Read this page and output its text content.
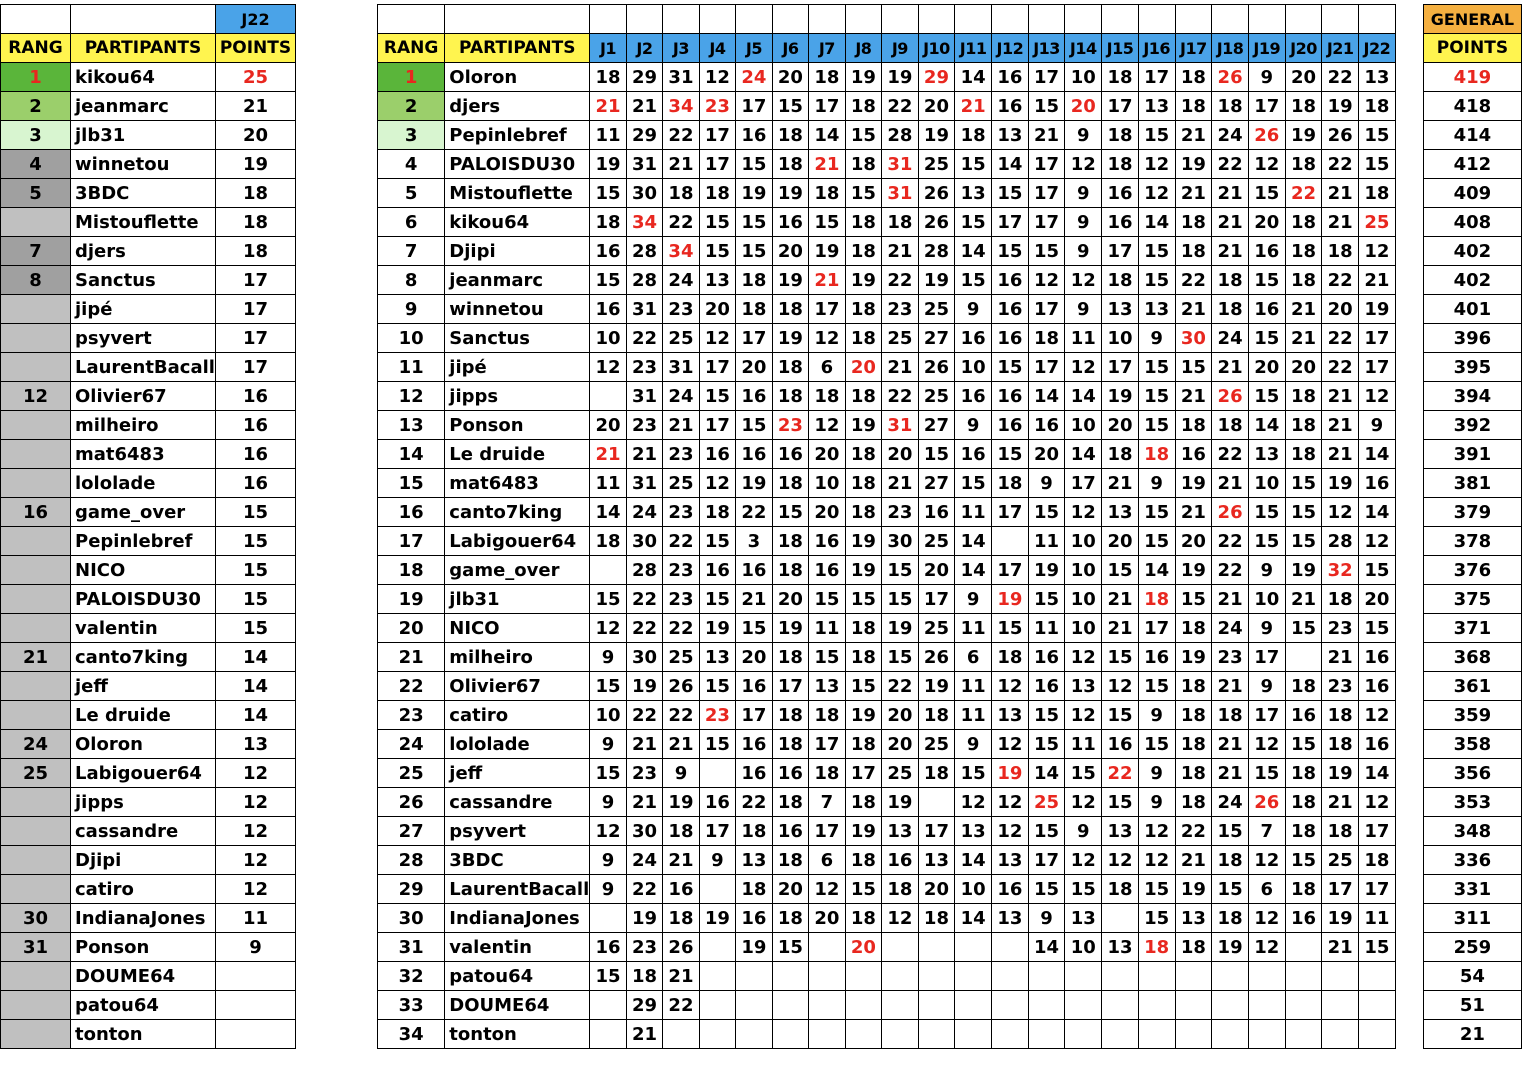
		J22
RANG	PARTIPANTS	POINTS
1	kikou64	25
2	jeanmarc	21
3	jlb31	20
4	winnetou	19
5	3BDC	18
	Mistouflette	18
7	djers	18
8	Sanctus	17
	jipé	17
	psyvert	17
	LaurentBacall	17
12	Olivier67	16
	milheiro	16
	mat6483	16
	lololade	16
16	game_over	15
	Pepinlebref	15
	NICO	15
	PALOISDU30	15
	valentin	15
21	canto7king	14
	jeff	14
	Le druide	14
24	Oloron	13
25	Labigouer64	12
	jipps	12
	cassandre	12
	Djipi	12
	catiro	12
30	IndianaJones	11
31	Ponson	9
	DOUME64	
	patou64	
	tonton	
																									GENERAL
RANG	PARTIPANTS	J1	J2	J3	J4	J5	J6	J7	J8	J9	J10	J11	J12	J13	J14	J15	J16	J17	J18	J19	J20	J21	J22		POINTS
1	Oloron	18	29	31	12	24	20	18	19	19	29	14	16	17	10	18	17	18	26	9	20	22	13		419
2	djers	21	21	34	23	17	15	17	18	22	20	21	16	15	20	17	13	18	18	17	18	19	18		418
3	Pepinlebref	11	29	22	17	16	18	14	15	28	19	18	13	21	9	18	15	21	24	26	19	26	15		414
4	PALOISDU30	19	31	21	17	15	18	21	18	31	25	15	14	17	12	18	12	19	22	12	18	22	15		412
5	Mistouflette	15	30	18	18	19	19	18	15	31	26	13	15	17	9	16	12	21	21	15	22	21	18		409
6	kikou64	18	34	22	15	15	16	15	18	18	26	15	17	17	9	16	14	18	21	20	18	21	25		408
7	Djipi	16	28	34	15	15	20	19	18	21	28	14	15	15	9	17	15	18	21	16	18	18	12		402
8	jeanmarc	15	28	24	13	18	19	21	19	22	19	15	16	12	12	18	15	22	18	15	18	22	21		402
9	winnetou	16	31	23	20	18	18	17	18	23	25	9	16	17	9	13	13	21	18	16	21	20	19		401
10	Sanctus	10	22	25	12	17	19	12	18	25	27	16	16	18	11	10	9	30	24	15	21	22	17		396
11	jipé	12	23	31	17	20	18	6	20	21	26	10	15	17	12	17	15	15	21	20	20	22	17		395
12	jipps		31	24	15	16	18	18	18	22	25	16	16	14	14	19	15	21	26	15	18	21	12		394
13	Ponson	20	23	21	17	15	23	12	19	31	27	9	16	16	10	20	15	18	18	14	18	21	9		392
14	Le druide	21	21	23	16	16	16	20	18	20	15	16	15	20	14	18	18	16	22	13	18	21	14		391
15	mat6483	11	31	25	12	19	18	10	18	21	27	15	18	9	17	21	9	19	21	10	15	19	16		381
16	canto7king	14	24	23	18	22	15	20	18	23	16	11	17	15	12	13	15	21	26	15	15	12	14		379
17	Labigouer64	18	30	22	15	3	18	16	19	30	25	14		11	10	20	15	20	22	15	15	28	12		378
18	game_over		28	23	16	16	18	16	19	15	20	14	17	19	10	15	14	19	22	9	19	32	15		376
19	jlb31	15	22	23	15	21	20	15	15	15	17	9	19	15	10	21	18	15	21	10	21	18	20		375
20	NICO	12	22	22	19	15	19	11	18	19	25	11	15	11	10	21	17	18	24	9	15	23	15		371
21	milheiro	9	30	25	13	20	18	15	18	15	26	6	18	16	12	15	16	19	23	17		21	16		368
22	Olivier67	15	19	26	15	16	17	13	15	22	19	11	12	16	13	12	15	18	21	9	18	23	16		361
23	catiro	10	22	22	23	17	18	18	19	20	18	11	13	15	12	15	9	18	18	17	16	18	12		359
24	lololade	9	21	21	15	16	18	17	18	20	25	9	12	15	11	16	15	18	21	12	15	18	16		358
25	jeff	15	23	9		16	16	18	17	25	18	15	19	14	15	22	9	18	21	15	18	19	14		356
26	cassandre	9	21	19	16	22	18	7	18	19		12	12	25	12	15	9	18	24	26	18	21	12		353
27	psyvert	12	30	18	17	18	16	17	19	13	17	13	12	15	9	13	12	22	15	7	18	18	17		348
28	3BDC	9	24	21	9	13	18	6	18	16	13	14	13	17	12	12	12	21	18	12	15	25	18		336
29	LaurentBacall	9	22	16		18	20	12	15	18	20	10	16	15	15	18	15	19	15	6	18	17	17		331
30	IndianaJones		19	18	19	16	18	20	18	12	18	14	13	9	13		15	13	18	12	16	19	11		311
31	valentin	16	23	26		19	15		20					14	10	13	18	18	19	12		21	15		259
32	patou64	15	18	21																					54
33	DOUME64		29	22																					51
34	tonton		21																						21
